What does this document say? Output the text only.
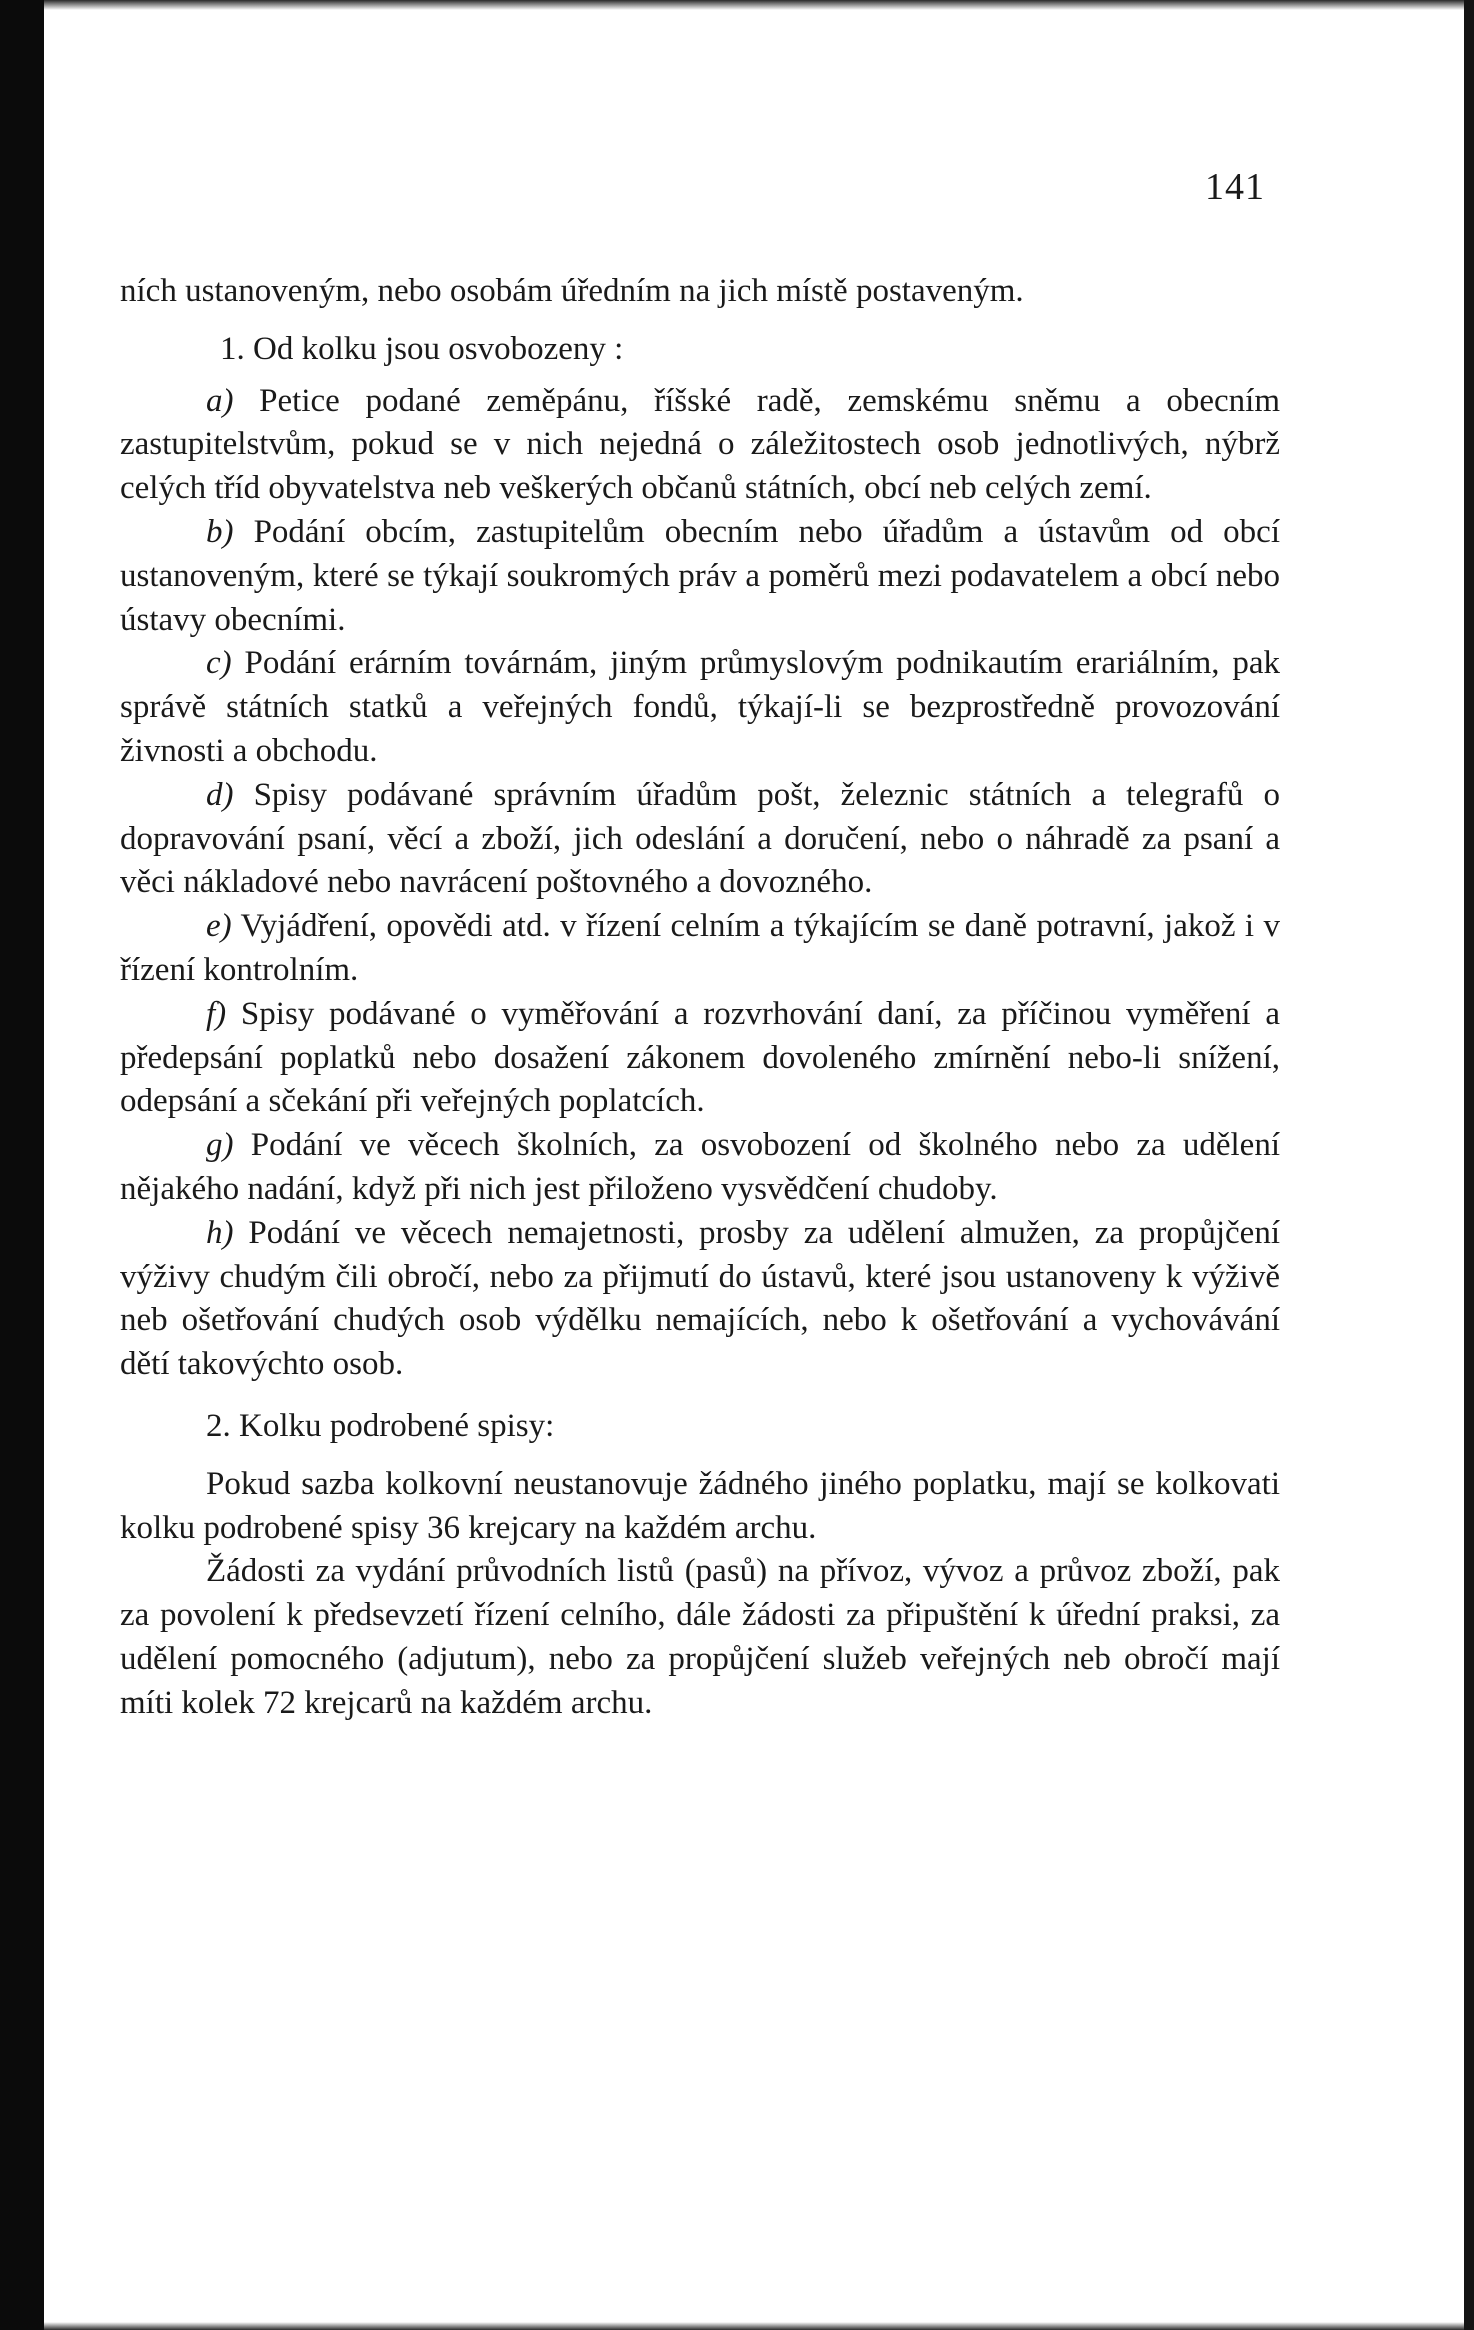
141

ních ustanoveným, nebo osobám úředním na jich místě postaveným.

1. Od kolku jsou osvobozeny :

a) Petice podané zeměpánu, říšské radě, zemskému sněmu a obecním zastupitelstvům, pokud se v nich nejedná o záležitostech osob jednotlivých, nýbrž celých tříd obyvatelstva neb veškerých občanů státních, obcí neb celých zemí.

b) Podání obcím, zastupitelům obecním nebo úřadům a ústavům od obcí ustanoveným, které se týkají soukromých práv a poměrů mezi podavatelem a obcí nebo ústavy obecními.

c) Podání erárním továrnám, jiným průmyslovým podnikautím erariálním, pak správě státních statků a veřejných fondů, týkají-li se bezprostředně provozování živnosti a obchodu.

d) Spisy podávané správním úřadům pošt, železnic státních a telegrafů o dopravování psaní, věcí a zboží, jich odeslání a doručení, nebo o náhradě za psaní a věci nákladové nebo navrácení poštovného a dovozného.

e) Vyjádření, opovědi atd. v řízení celním a týkajícím se daně potravní, jakož i v řízení kontrolním.

f) Spisy podávané o vyměřování a rozvrhování daní, za příčinou vyměření a předepsání poplatků nebo dosažení zákonem dovoleného zmírnění nebo-li snížení, odepsání a sčekání při veřejných poplatcích.

g) Podání ve věcech školních, za osvobození od školného nebo za udělení nějakého nadání, když při nich jest přiloženo vysvědčení chudoby.

h) Podání ve věcech nemajetnosti, prosby za udělení almužen, za propůjčení výživy chudým čili obročí, nebo za přijmutí do ústavů, které jsou ustanoveny k výživě neb ošetřování chudých osob výdělku nemajících, nebo k ošetřování a vychovávání dětí takovýchto osob.

2. Kolku podrobené spisy:

Pokud sazba kolkovní neustanovuje žádného jiného poplatku, mají se kolkovati kolku podrobené spisy 36 krejcary na každém archu.

Žádosti za vydání průvodních listů (pasů) na přívoz, vývoz a průvoz zboží, pak za povolení k předsevzetí řízení celního, dále žádosti za připuštění k úřední praksi, za udělení pomocného (adjutum), nebo za propůjčení služeb veřejných neb obročí mají míti kolek 72 krejcarů na každém archu.
